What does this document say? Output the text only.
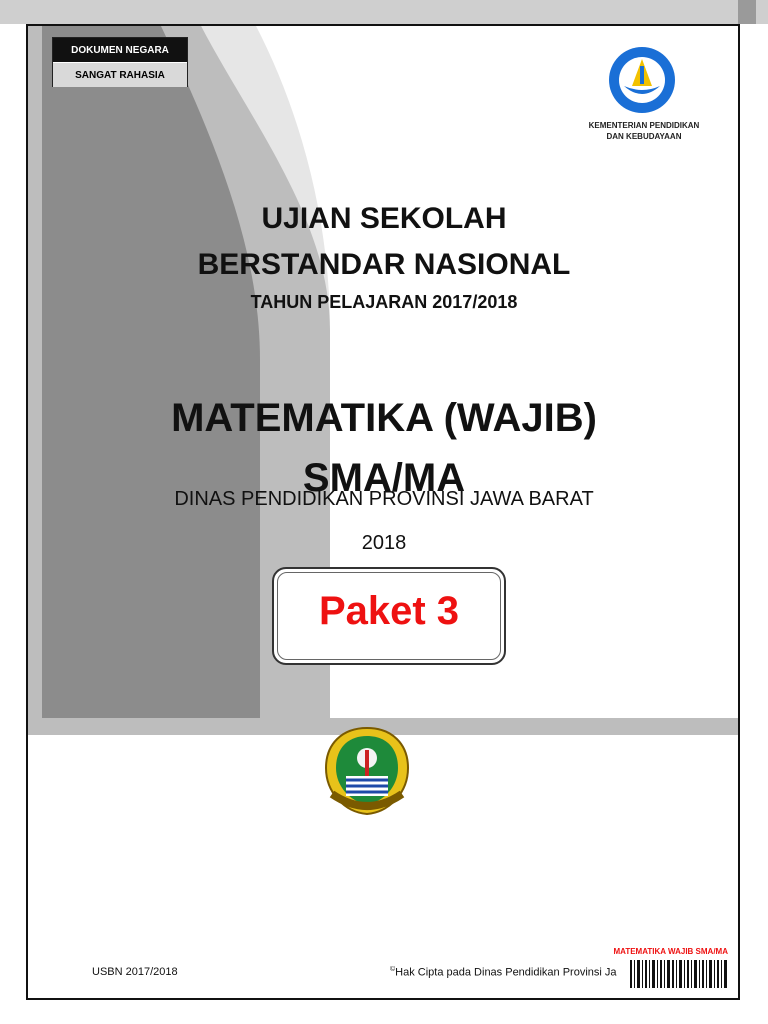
DOKUMEN NEGARA
SANGAT RAHASIA
KEMENTERIAN PENDIDIKAN
DAN KEBUDAYAAN

UJIAN SEKOLAH

BERSTANDAR NASIONAL

TAHUN PELAJARAN 2017/2018

MATEMATIKA (WAJIB)

SMA/MA

DINAS PENDIDIKAN PROVINSI JAWA BARAT

2018

Paket 3
MATEMATIKA WAJIB SMA/MA
USBN 2017/2018	©Hak Cipta pada Dinas Pendidikan Provinsi Ja
